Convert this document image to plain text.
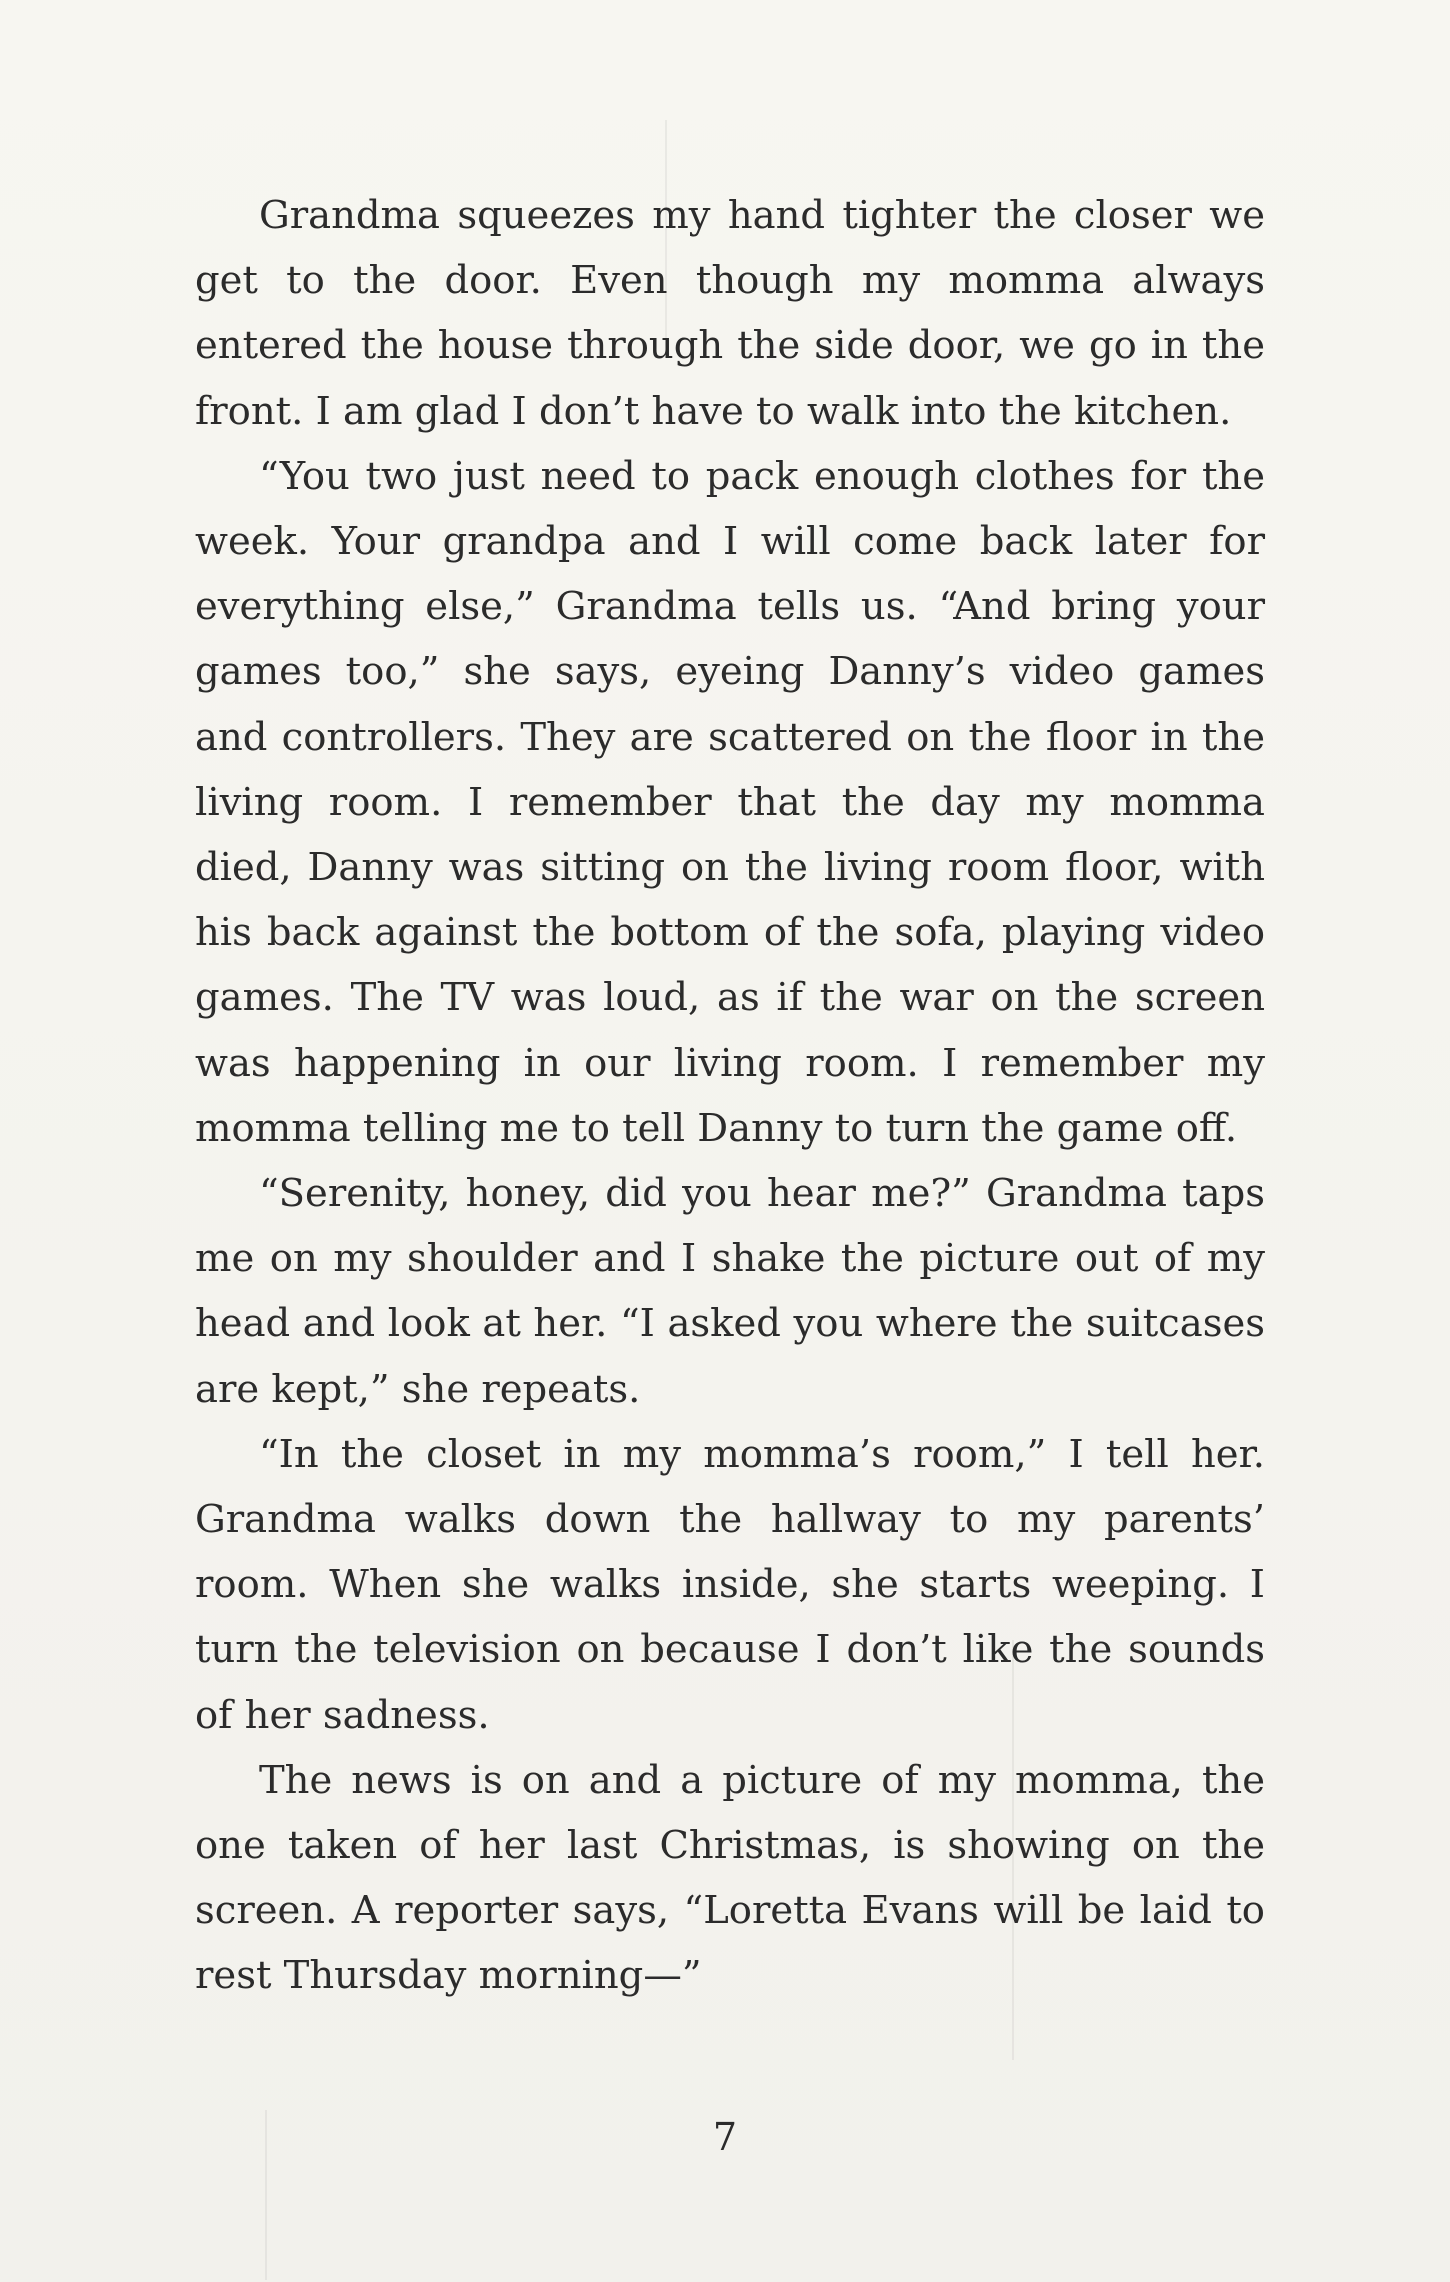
Grandma squeezes my hand tighter the closer we get to the door. Even though my momma always entered the house through the side door, we go in the front. I am glad I don’t have to walk into the kitchen.

“You two just need to pack enough clothes for the week. Your grandpa and I will come back later for everything else,” Grandma tells us. “And bring your games too,” she says, eyeing Danny’s video games and controllers. They are scattered on the floor in the living room. I remember that the day my momma died, Danny was sitting on the living room floor, with his back against the bottom of the sofa, playing video games. The TV was loud, as if the war on the screen was happening in our living room. I remember my momma telling me to tell Danny to turn the game off.

“Serenity, honey, did you hear me?” Grandma taps me on my shoulder and I shake the picture out of my head and look at her. “I asked you where the suitcases are kept,” she repeats.

“In the closet in my momma’s room,” I tell her. Grandma walks down the hallway to my parents’ room. When she walks inside, she starts weeping. I turn the television on because I don’t like the sounds of her sadness.

The news is on and a picture of my momma, the one taken of her last Christmas, is showing on the screen. A reporter says, “Loretta Evans will be laid to rest Thursday morning—”

7
